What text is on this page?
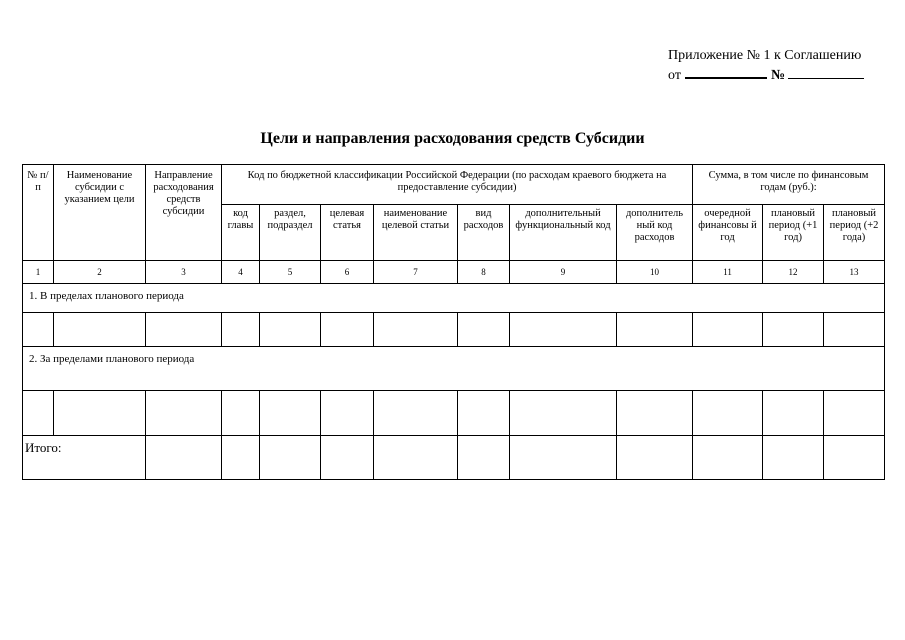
Приложение № 1 к Соглашению
от	№
Цели и направления расходования средств Субсидии
№ п/п	Наименование субсидии с указанием цели	Направление расходования средств субсидии	Код по бюджетной классификации Российской Федерации (по расходам краевого бюджета на предоставление субсидии)							Сумма, в том числе по финансовым годам (руб.):		
			код главы	раздел, подраздел	целевая статья	наименование целевой статьи	вид расходов	дополнительный функциональный код	дополнитель ный код расходов	очередной финансовы й год	плановый период (+1 год)	плановый период (+2 года)
1	2	3	4	5	6	7	8	9	10	11	12	13
1. В пределах планового периода												

2. За пределами планового периода												

Итого:												
